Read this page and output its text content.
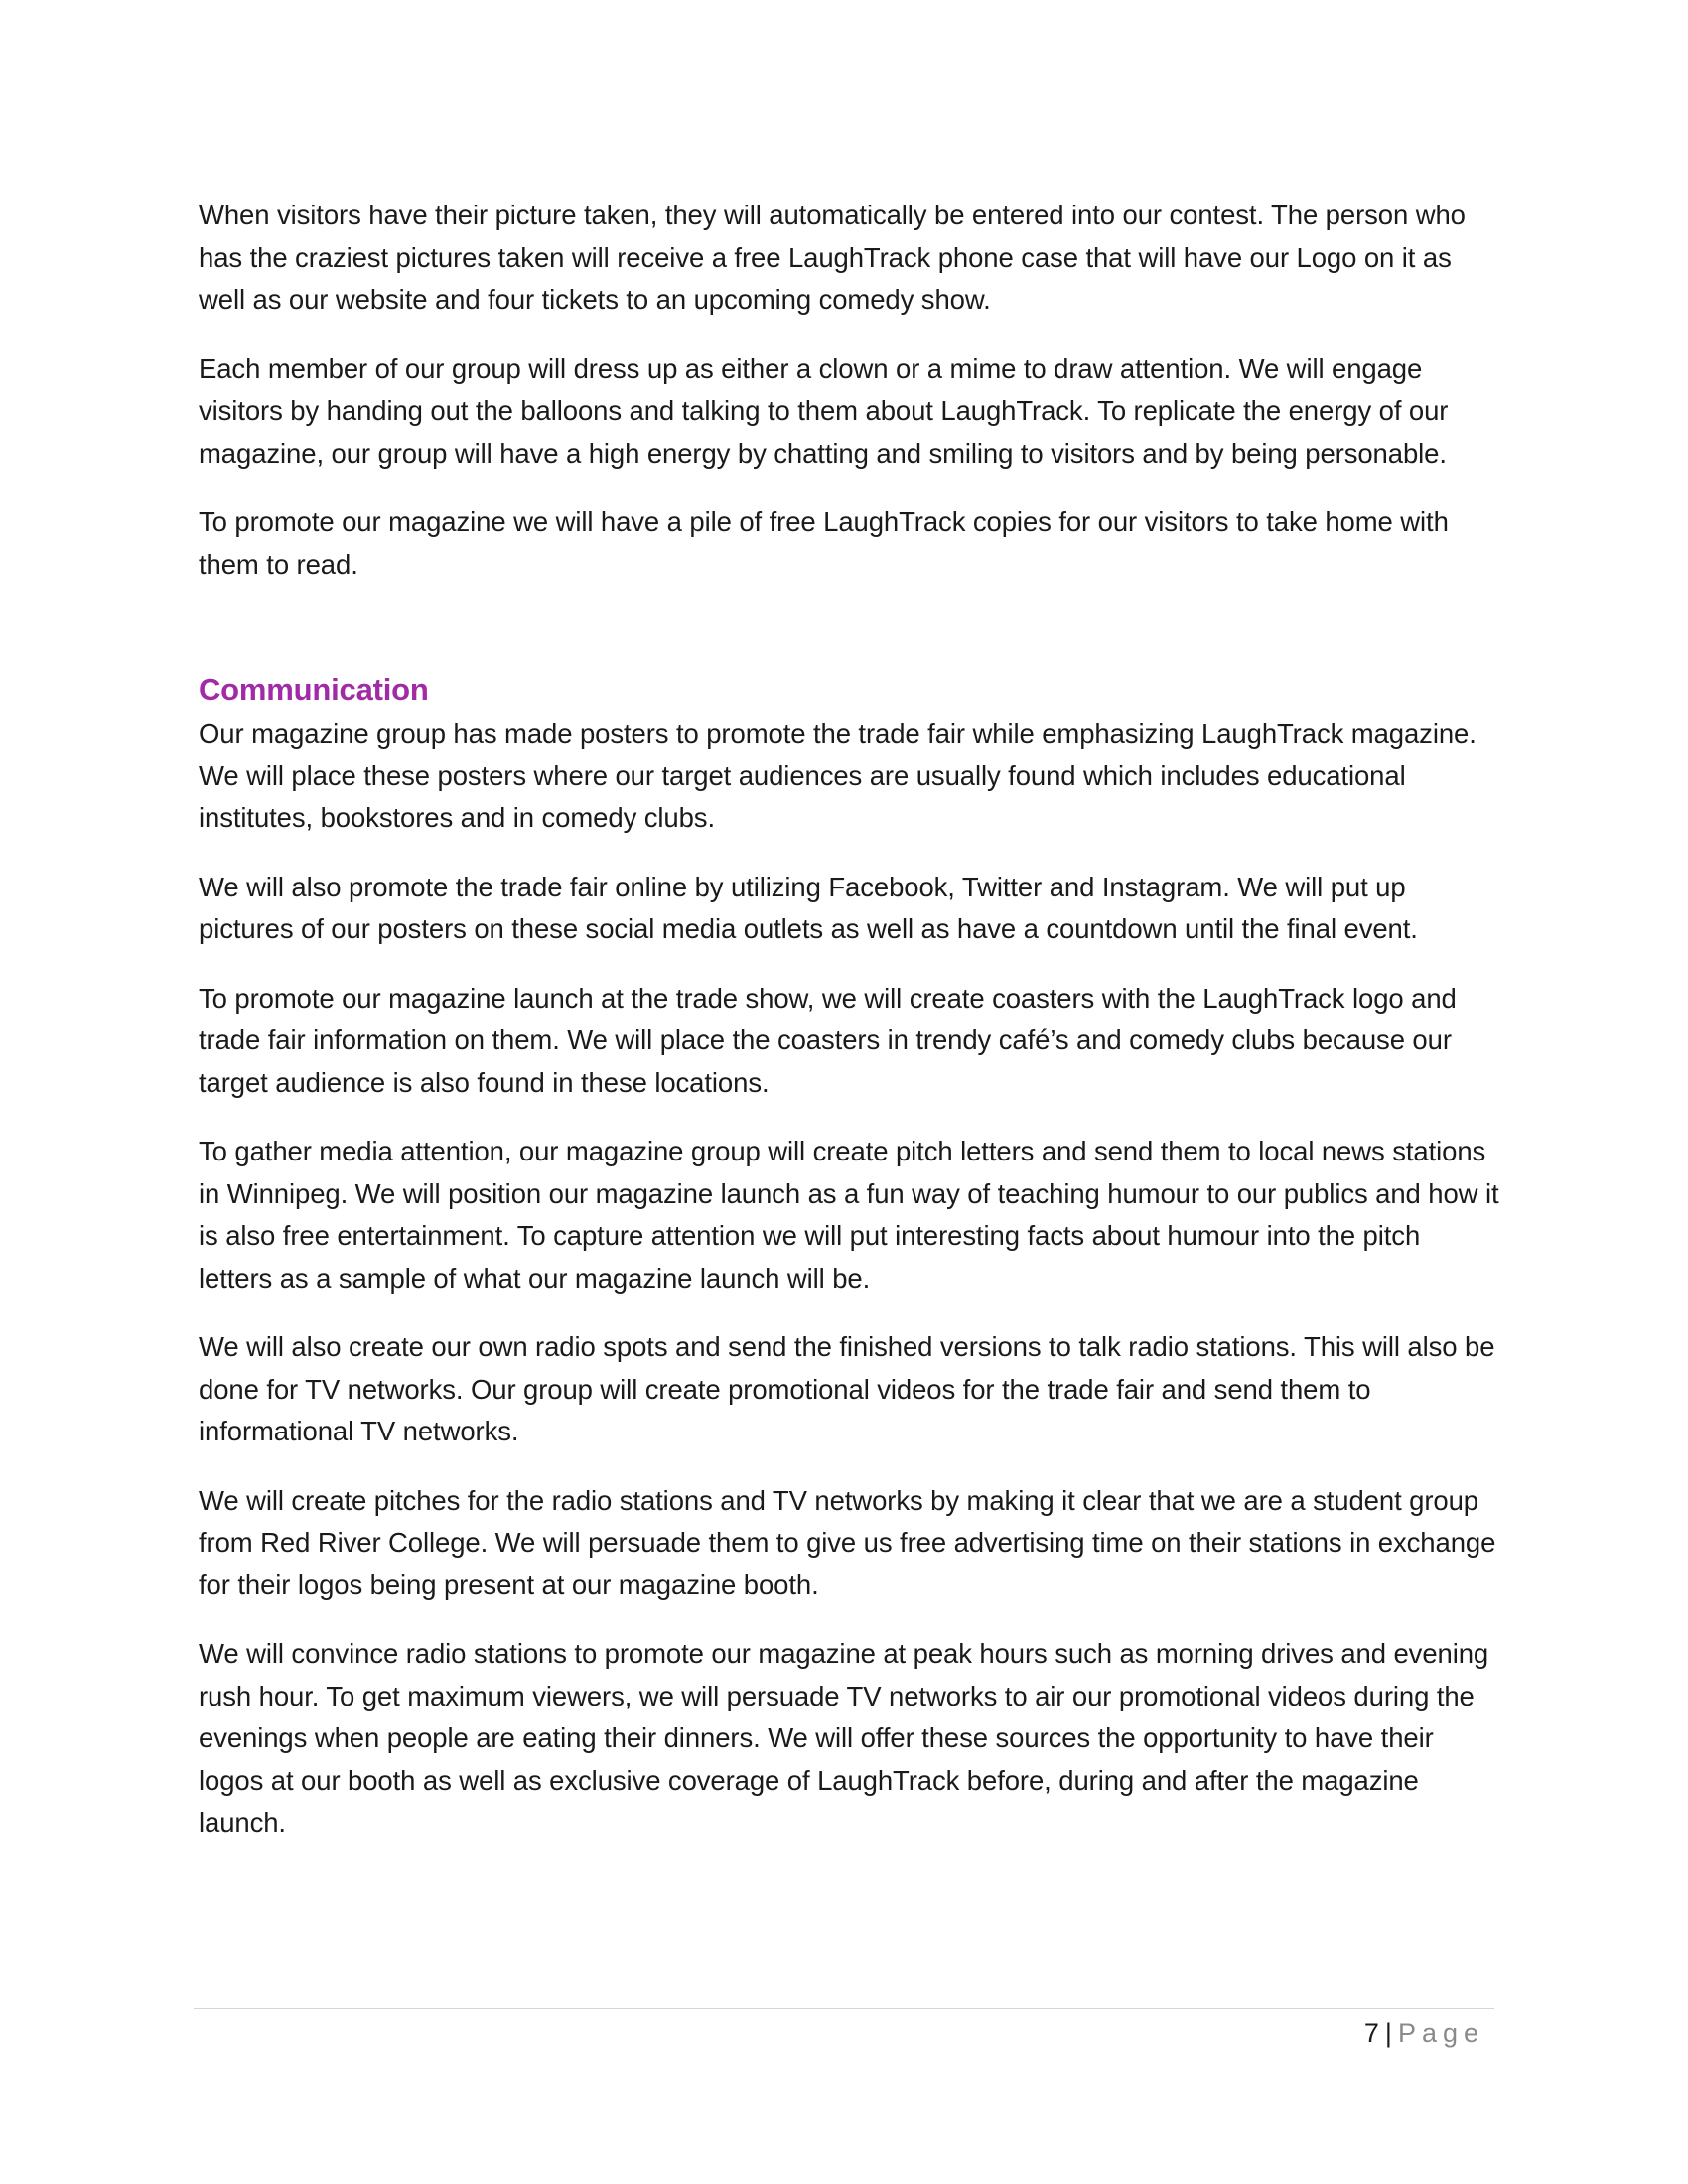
When visitors have their picture taken, they will automatically be entered into our contest. The person who has the craziest pictures taken will receive a free LaughTrack phone case that will have our Logo on it as well as our website and four tickets to an upcoming comedy show.

Each member of our group will dress up as either a clown or a mime to draw attention. We will engage visitors by handing out the balloons and talking to them about LaughTrack. To replicate the energy of our magazine, our group will have a high energy by chatting and smiling to visitors and by being personable.

To promote our magazine we will have a pile of free LaughTrack copies for our visitors to take home with them to read.

Communication

Our magazine group has made posters to promote the trade fair while emphasizing LaughTrack magazine. We will place these posters where our target audiences are usually found which includes educational institutes, bookstores and in comedy clubs.

We will also promote the trade fair online by utilizing Facebook, Twitter and Instagram. We will put up pictures of our posters on these social media outlets as well as have a countdown until the final event.

To promote our magazine launch at the trade show, we will create coasters with the LaughTrack logo and trade fair information on them. We will place the coasters in trendy café’s and comedy clubs because our target audience is also found in these locations.

To gather media attention, our magazine group will create pitch letters and send them to local news stations in Winnipeg. We will position our magazine launch as a fun way of teaching humour to our publics and how it is also free entertainment. To capture attention we will put interesting facts about humour into the pitch letters as a sample of what our magazine launch will be.

We will also create our own radio spots and send the finished versions to talk radio stations. This will also be done for TV networks. Our group will create promotional videos for the trade fair and send them to informational TV networks.

We will create pitches for the radio stations and TV networks by making it clear that we are a student group from Red River College. We will persuade them to give us free advertising time on their stations in exchange for their logos being present at our magazine booth.

We will convince radio stations to promote our magazine at peak hours such as morning drives and evening rush hour. To get maximum viewers, we will persuade TV networks to air our promotional videos during the evenings when people are eating their dinners. We will offer these sources the opportunity to have their logos at our booth as well as exclusive coverage of LaughTrack before, during and after the magazine launch.

7 | Page
